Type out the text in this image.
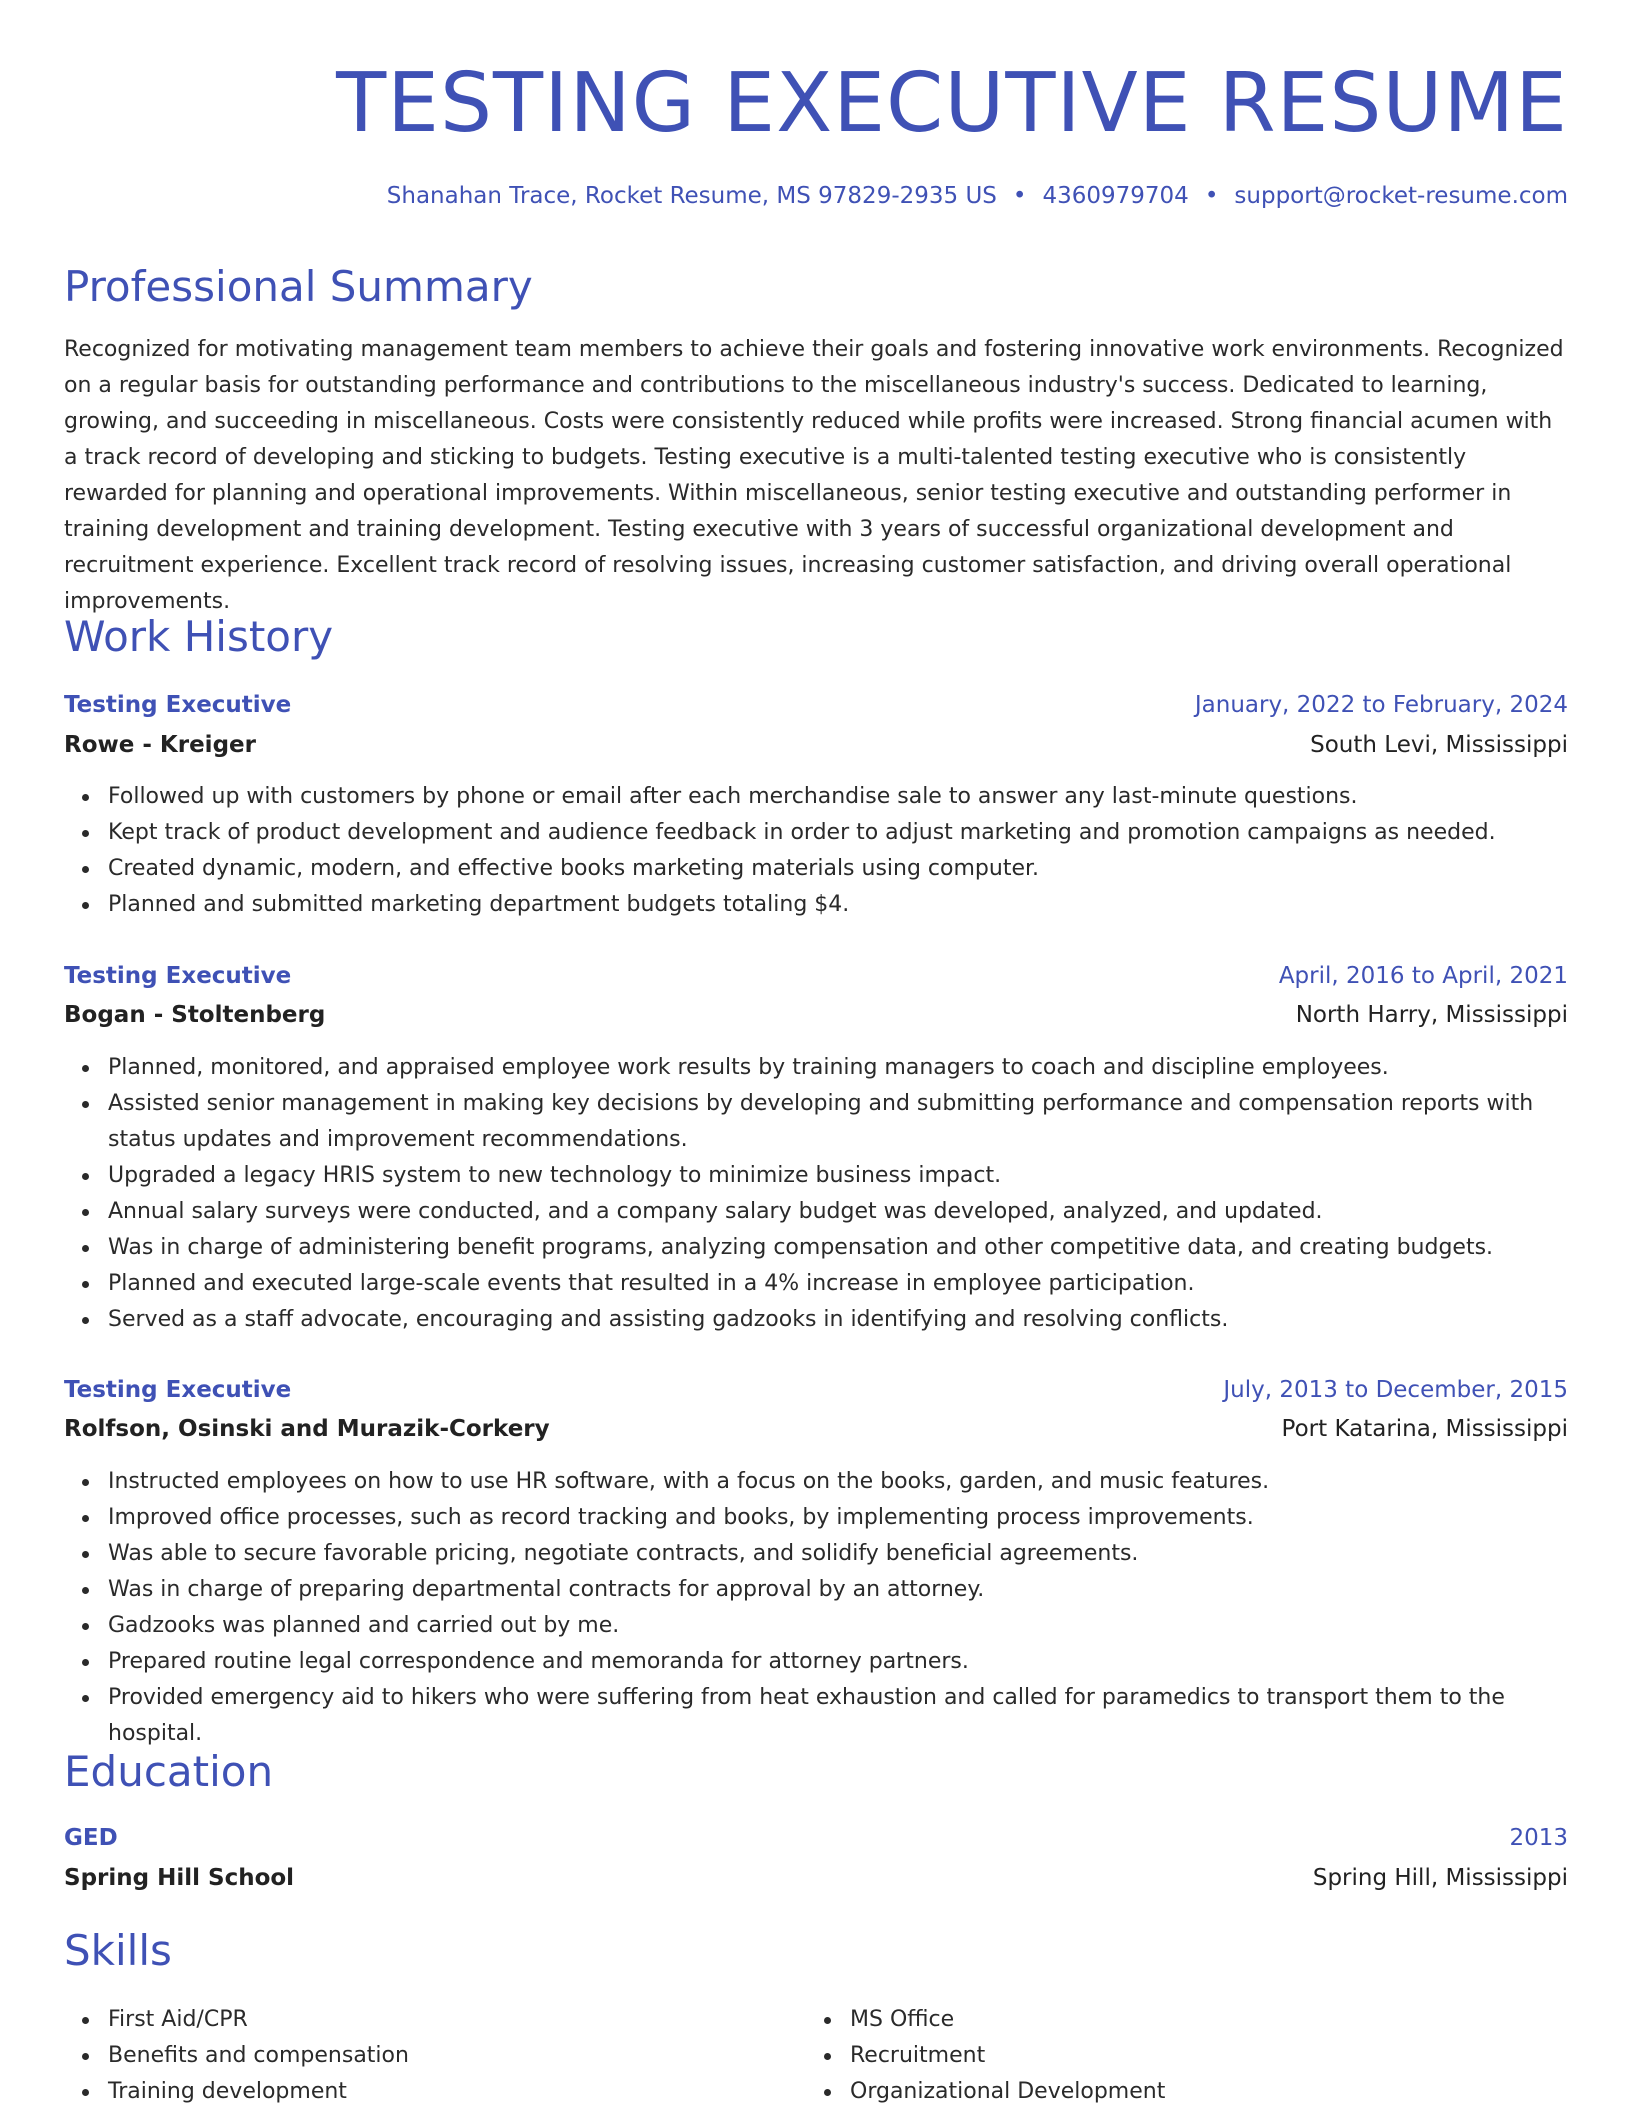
TESTING EXECUTIVE RESUME
Shanahan Trace, Rocket Resume, MS 97829-2935 US • 4360979704 • support@rocket-resume.com
Professional Summary

Recognized for motivating management team members to achieve their goals and fostering innovative work environments. Recognized on a regular basis for outstanding performance and contributions to the miscellaneous industry's success. Dedicated to learning, growing, and succeeding in miscellaneous. Costs were consistently reduced while profits were increased. Strong financial acumen with a track record of developing and sticking to budgets. Testing executive is a multi-talented testing executive who is consistently rewarded for planning and operational improvements. Within miscellaneous, senior testing executive and outstanding performer in training development and training development. Testing executive with 3 years of successful organizational development and recruitment experience. Excellent track record of resolving issues, increasing customer satisfaction, and driving overall operational improvements.

Work History
Testing Executive	January, 2022 to February, 2024
Rowe - Kreiger	South Levi, Mississippi
Followed up with customers by phone or email after each merchandise sale to answer any last-minute questions.
Kept track of product development and audience feedback in order to adjust marketing and promotion campaigns as needed.
Created dynamic, modern, and effective books marketing materials using computer.
Planned and submitted marketing department budgets totaling $4.
Testing Executive	April, 2016 to April, 2021
Bogan - Stoltenberg	North Harry, Mississippi
Planned, monitored, and appraised employee work results by training managers to coach and discipline employees.
Assisted senior management in making key decisions by developing and submitting performance and compensation reports with status updates and improvement recommendations.
Upgraded a legacy HRIS system to new technology to minimize business impact.
Annual salary surveys were conducted, and a company salary budget was developed, analyzed, and updated.
Was in charge of administering benefit programs, analyzing compensation and other competitive data, and creating budgets.
Planned and executed large-scale events that resulted in a 4% increase in employee participation.
Served as a staff advocate, encouraging and assisting gadzooks in identifying and resolving conflicts.
Testing Executive	July, 2013 to December, 2015
Rolfson, Osinski and Murazik-Corkery	Port Katarina, Mississippi
Instructed employees on how to use HR software, with a focus on the books, garden, and music features.
Improved office processes, such as record tracking and books, by implementing process improvements.
Was able to secure favorable pricing, negotiate contracts, and solidify beneficial agreements.
Was in charge of preparing departmental contracts for approval by an attorney.
Gadzooks was planned and carried out by me.
Prepared routine legal correspondence and memoranda for attorney partners.
Provided emergency aid to hikers who were suffering from heat exhaustion and called for paramedics to transport them to the hospital.
Education
GED	2013
Spring Hill School	Spring Hill, Mississippi
Skills
First Aid/CPR
Benefits and compensation
Training development
MS Office
Recruitment
Organizational Development
